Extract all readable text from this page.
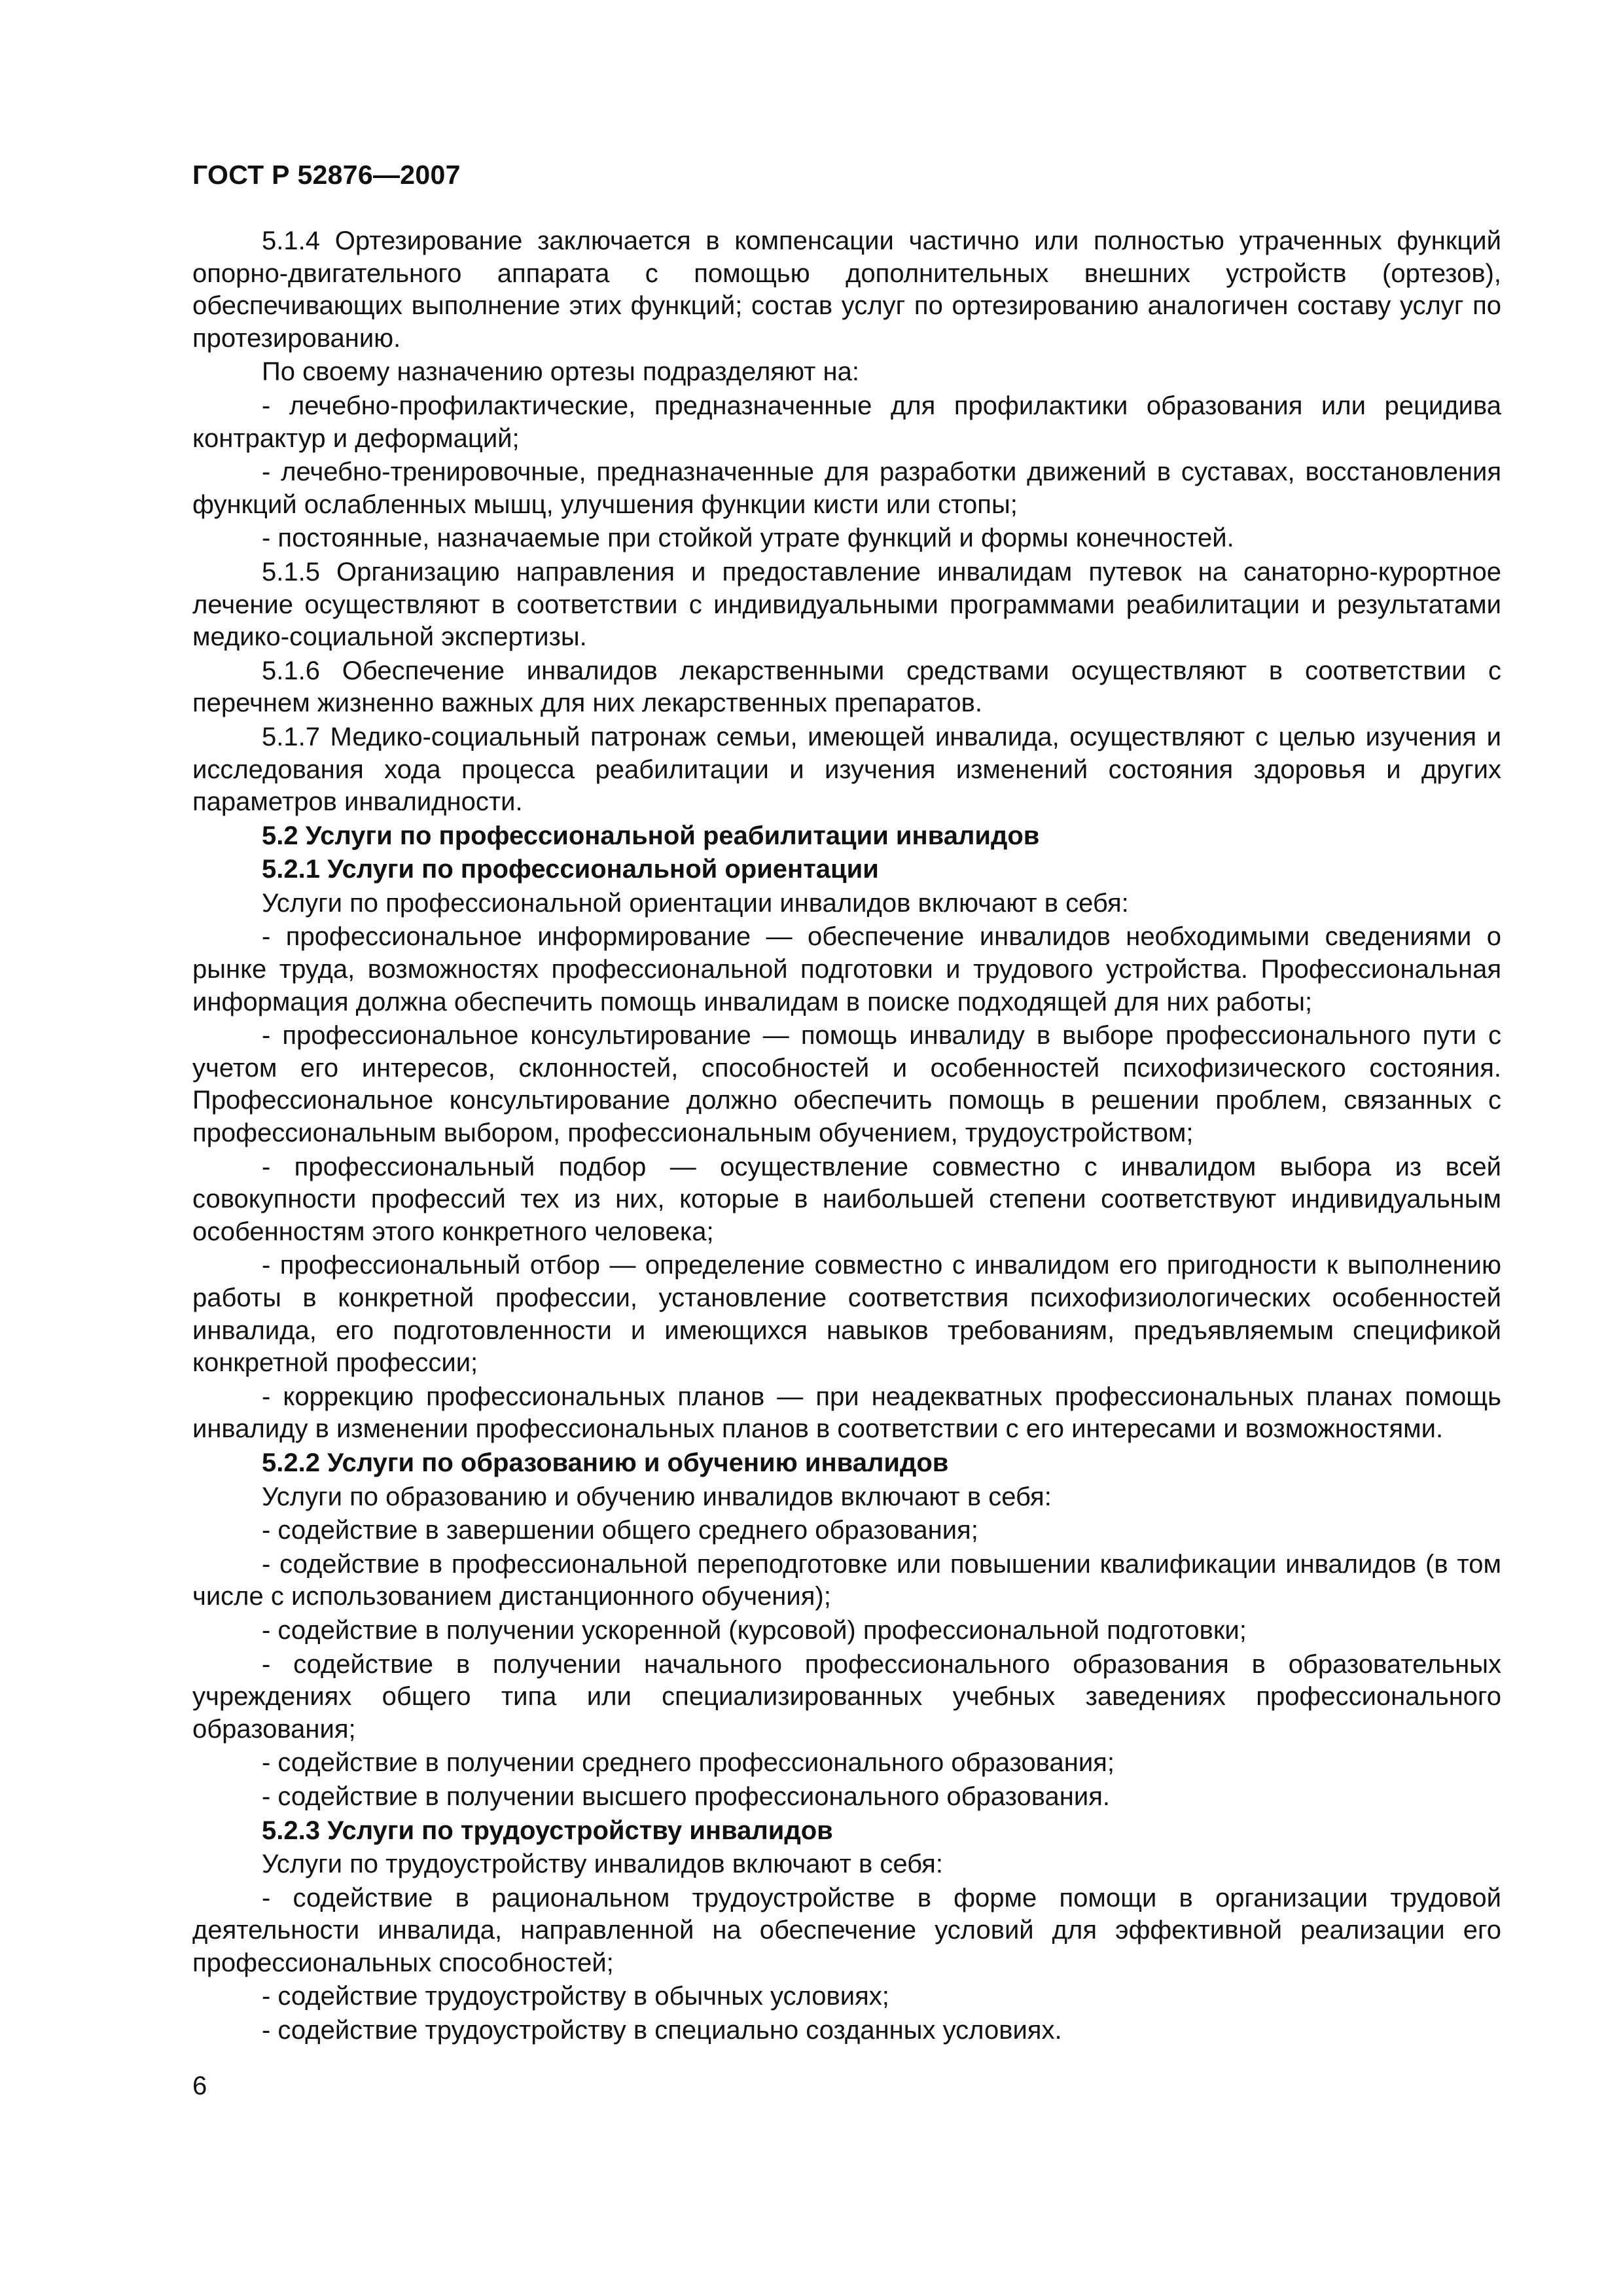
ГОСТ Р 52876—2007

5.1.4 Ортезирование заключается в компенсации частично или полностью утраченных функций опорно-двигательного аппарата с помощью дополнительных внешних устройств (ортезов), обеспечивающих выполнение этих функций; состав услуг по ортезированию аналогичен составу услуг по протезированию.

По своему назначению ортезы подразделяют на:

- лечебно-профилактические, предназначенные для профилактики образования или рецидива контрактур и деформаций;

- лечебно-тренировочные, предназначенные для разработки движений в суставах, восстановления функций ослабленных мышц, улучшения функции кисти или стопы;

- постоянные, назначаемые при стойкой утрате функций и формы конечностей.

5.1.5 Организацию направления и предоставление инвалидам путевок на санаторно-курортное лечение осуществляют в соответствии с индивидуальными программами реабилитации и результатами медико-социальной экспертизы.

5.1.6 Обеспечение инвалидов лекарственными средствами осуществляют в соответствии с перечнем жизненно важных для них лекарственных препаратов.

5.1.7 Медико-социальный патронаж семьи, имеющей инвалида, осуществляют с целью изучения и исследования хода процесса реабилитации и изучения изменений состояния здоровья и других параметров инвалидности.

5.2 Услуги по профессиональной реабилитации инвалидов

5.2.1 Услуги по профессиональной ориентации

Услуги по профессиональной ориентации инвалидов включают в себя:

- профессиональное информирование — обеспечение инвалидов необходимыми сведениями о рынке труда, возможностях профессиональной подготовки и трудового устройства. Профессиональная информация должна обеспечить помощь инвалидам в поиске подходящей для них работы;

- профессиональное консультирование — помощь инвалиду в выборе профессионального пути с учетом его интересов, склонностей, способностей и особенностей психофизического состояния. Профессиональное консультирование должно обеспечить помощь в решении проблем, связанных с профессиональным выбором, профессиональным обучением, трудоустройством;

- профессиональный подбор — осуществление совместно с инвалидом выбора из всей совокупности профессий тех из них, которые в наибольшей степени соответствуют индивидуальным особенностям этого конкретного человека;

- профессиональный отбор — определение совместно с инвалидом его пригодности к выполнению работы в конкретной профессии, установление соответствия психофизиологических особенностей инвалида, его подготовленности и имеющихся навыков требованиям, предъявляемым спецификой конкретной профессии;

- коррекцию профессиональных планов — при неадекватных профессиональных планах помощь инвалиду в изменении профессиональных планов в соответствии с его интересами и возможностями.

5.2.2 Услуги по образованию и обучению инвалидов

Услуги по образованию и обучению инвалидов включают в себя:

- содействие в завершении общего среднего образования;

- содействие в профессиональной переподготовке или повышении квалификации инвалидов (в том числе с использованием дистанционного обучения);

- содействие в получении ускоренной (курсовой) профессиональной подготовки;

- содействие в получении начального профессионального образования в образовательных учреждениях общего типа или специализированных учебных заведениях профессионального образования;

- содействие в получении среднего профессионального образования;

- содействие в получении высшего профессионального образования.

5.2.3 Услуги по трудоустройству инвалидов

Услуги по трудоустройству инвалидов включают в себя:

- содействие в рациональном трудоустройстве в форме помощи в организации трудовой деятельности инвалида, направленной на обеспечение условий для эффективной реализации его профессиональных способностей;

- содействие трудоустройству в обычных условиях;

- содействие трудоустройству в специально созданных условиях.

6
